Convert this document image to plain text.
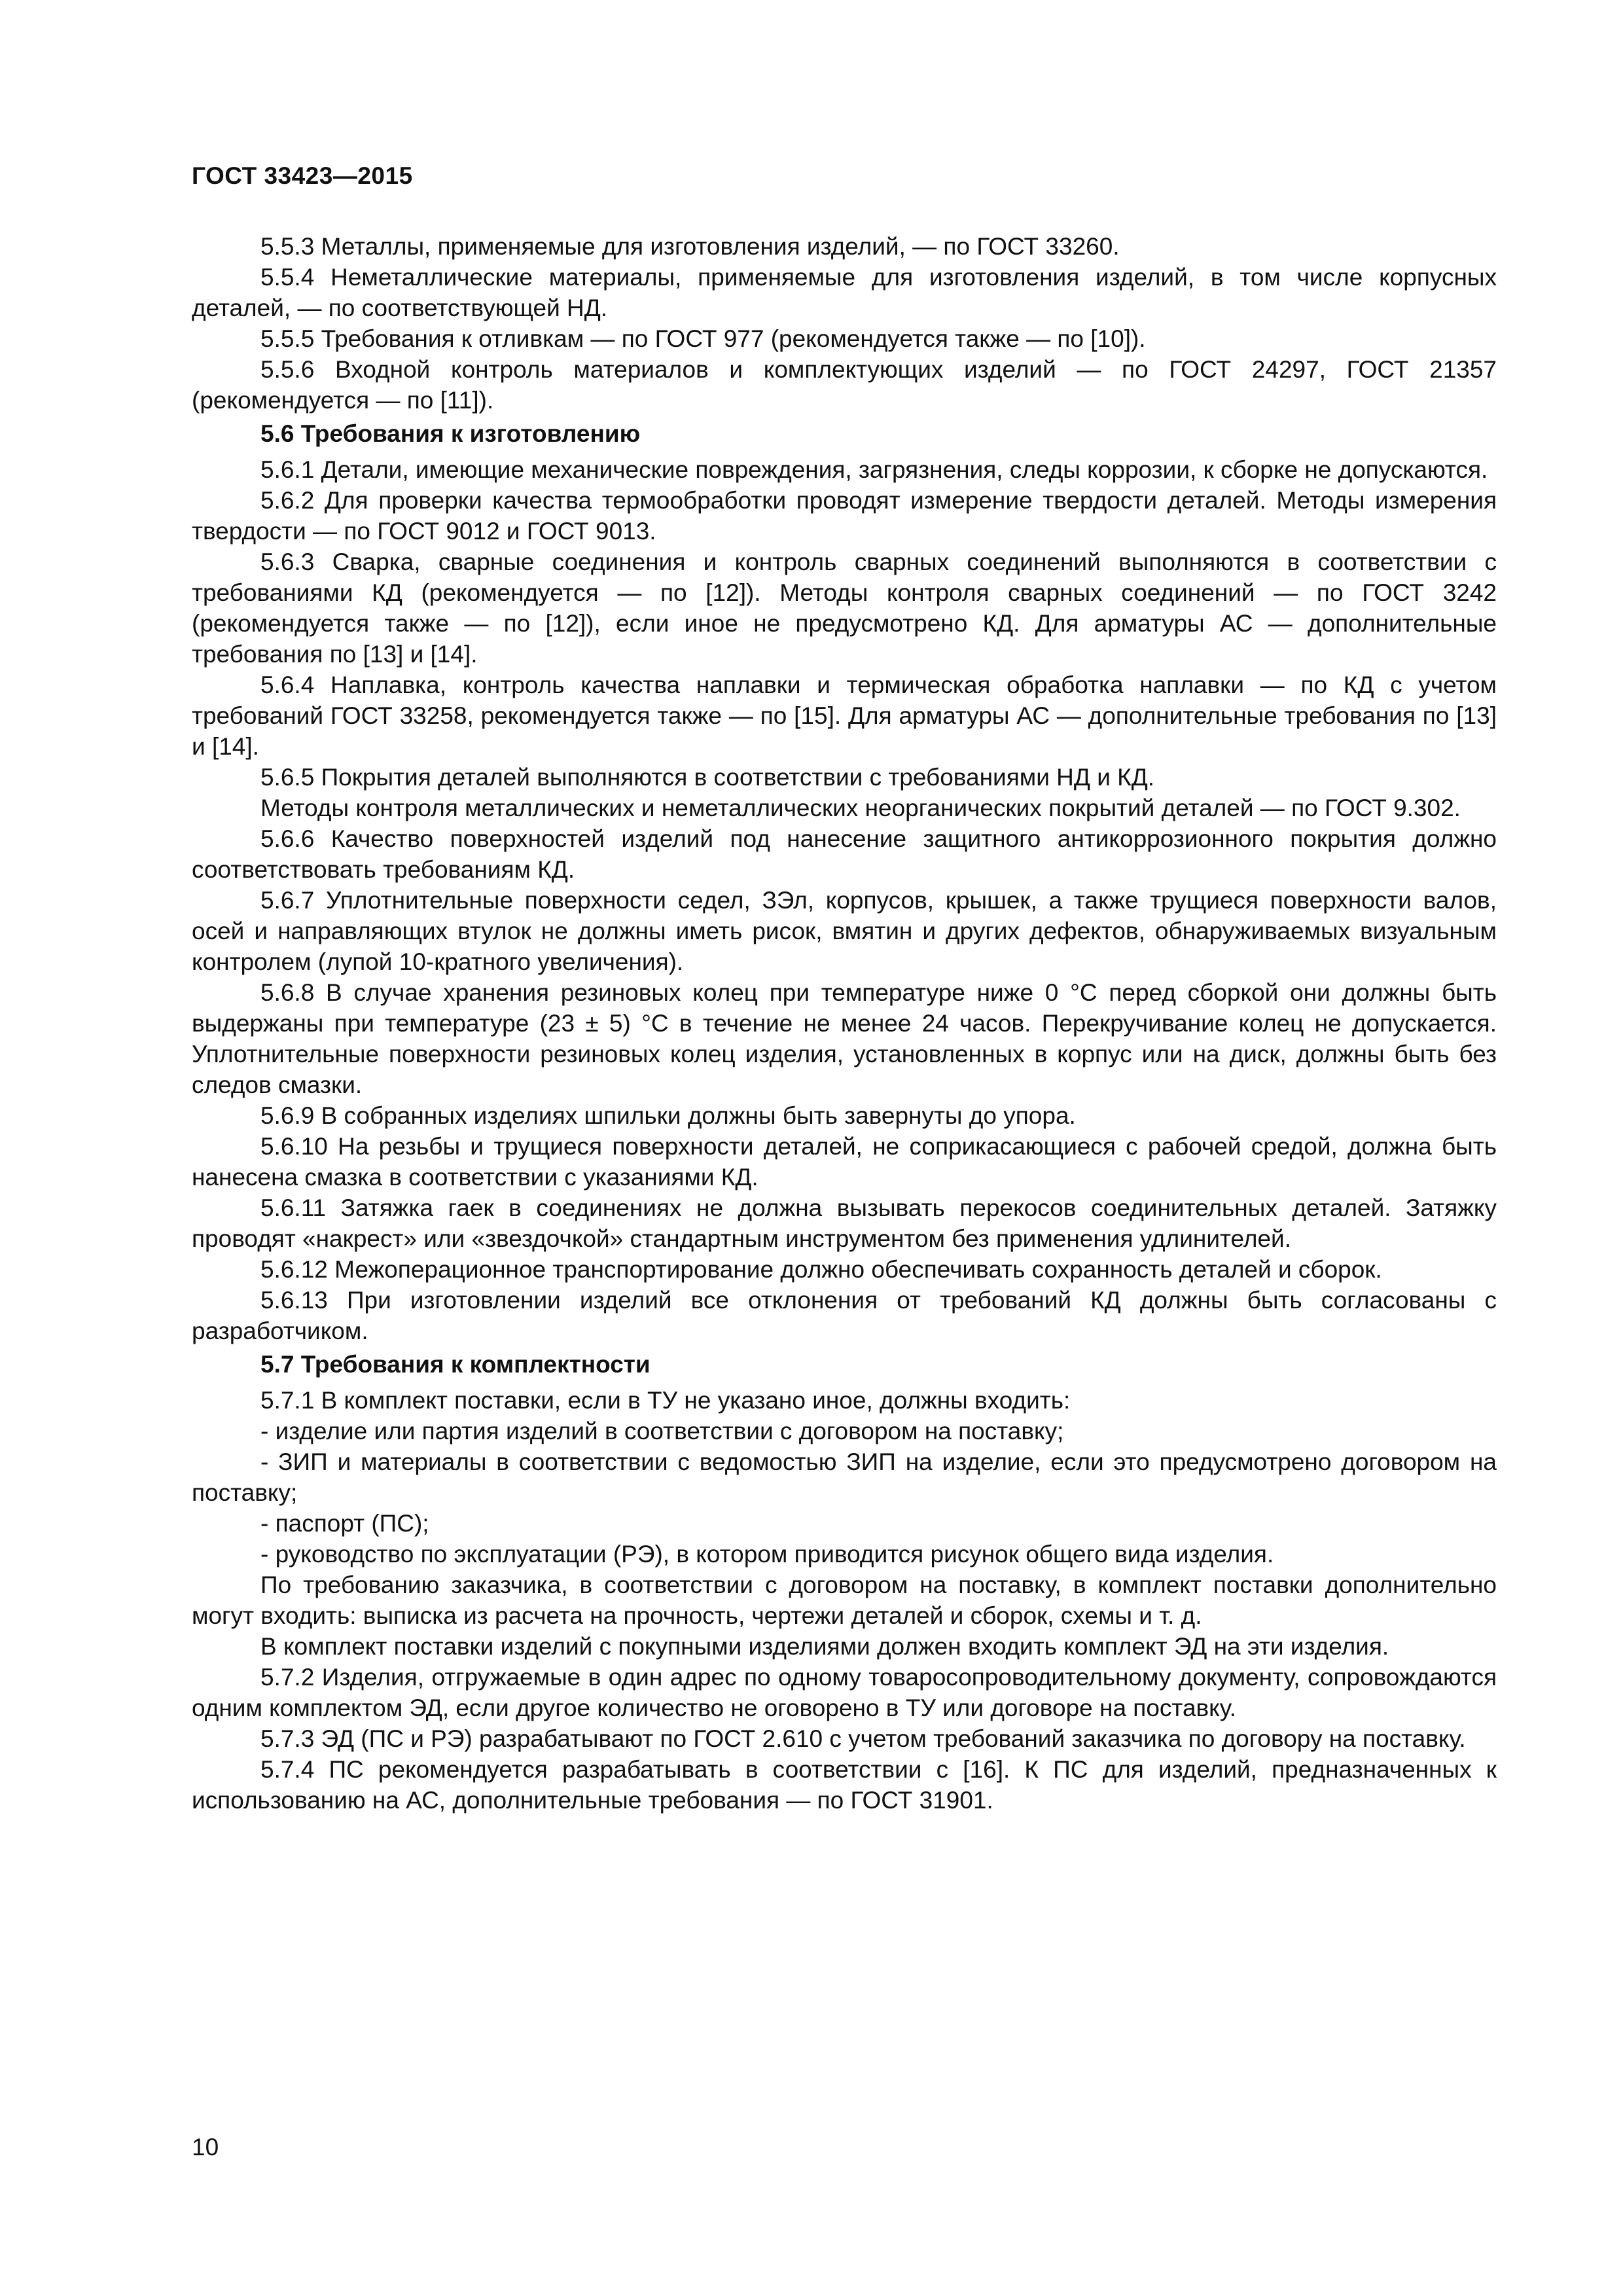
ГОСТ 33423—2015

5.5.3 Металлы, применяемые для изготовления изделий, — по ГОСТ 33260.

5.5.4 Неметаллические материалы, применяемые для изготовления изделий, в том числе корпусных деталей, — по соответствующей НД.

5.5.5 Требования к отливкам — по ГОСТ 977 (рекомендуется также — по [10]).

5.5.6 Входной контроль материалов и комплектующих изделий — по ГОСТ 24297, ГОСТ 21357 (рекомендуется — по [11]).

5.6 Требования к изготовлению

5.6.1 Детали, имеющие механические повреждения, загрязнения, следы коррозии, к сборке не допускаются.

5.6.2 Для проверки качества термообработки проводят измерение твердости деталей. Методы измерения твердости — по ГОСТ 9012 и ГОСТ 9013.

5.6.3 Сварка, сварные соединения и контроль сварных соединений выполняются в соответствии с требованиями КД (рекомендуется — по [12]). Методы контроля сварных соединений — по ГОСТ 3242 (рекомендуется также — по [12]), если иное не предусмотрено КД. Для арматуры АС — дополнительные требования по [13] и [14].

5.6.4 Наплавка, контроль качества наплавки и термическая обработка наплавки — по КД с учетом требований ГОСТ 33258, рекомендуется также — по [15]. Для арматуры АС — дополнительные требования по [13] и [14].

5.6.5 Покрытия деталей выполняются в соответствии с требованиями НД и КД.

Методы контроля металлических и неметаллических неорганических покрытий деталей — по ГОСТ 9.302.

5.6.6 Качество поверхностей изделий под нанесение защитного антикоррозионного покрытия должно соответствовать требованиям КД.

5.6.7 Уплотнительные поверхности седел, ЗЭл, корпусов, крышек, а также трущиеся поверхности валов, осей и направляющих втулок не должны иметь рисок, вмятин и других дефектов, обнаруживаемых визуальным контролем (лупой 10-кратного увеличения).

5.6.8 В случае хранения резиновых колец при температуре ниже 0 °С перед сборкой они должны быть выдержаны при температуре (23 ± 5) °С в течение не менее 24 часов. Перекручивание колец не допускается. Уплотнительные поверхности резиновых колец изделия, установленных в корпус или на диск, должны быть без следов смазки.

5.6.9 В собранных изделиях шпильки должны быть завернуты до упора.

5.6.10 На резьбы и трущиеся поверхности деталей, не соприкасающиеся с рабочей средой, должна быть нанесена смазка в соответствии с указаниями КД.

5.6.11 Затяжка гаек в соединениях не должна вызывать перекосов соединительных деталей. Затяжку проводят «накрест» или «звездочкой» стандартным инструментом без применения удлинителей.

5.6.12 Межоперационное транспортирование должно обеспечивать сохранность деталей и сборок.

5.6.13 При изготовлении изделий все отклонения от требований КД должны быть согласованы с разработчиком.

5.7 Требования к комплектности

5.7.1 В комплект поставки, если в ТУ не указано иное, должны входить:

- изделие или партия изделий в соответствии с договором на поставку;

- ЗИП и материалы в соответствии с ведомостью ЗИП на изделие, если это предусмотрено договором на поставку;

- паспорт (ПС);

- руководство по эксплуатации (РЭ), в котором приводится рисунок общего вида изделия.

По требованию заказчика, в соответствии с договором на поставку, в комплект поставки дополнительно могут входить: выписка из расчета на прочность, чертежи деталей и сборок, схемы и т. д.

В комплект поставки изделий с покупными изделиями должен входить комплект ЭД на эти изделия.

5.7.2 Изделия, отгружаемые в один адрес по одному товаросопроводительному документу, сопровождаются одним комплектом ЭД, если другое количество не оговорено в ТУ или договоре на поставку.

5.7.3 ЭД (ПС и РЭ) разрабатывают по ГОСТ 2.610 с учетом требований заказчика по договору на поставку.

5.7.4 ПС рекомендуется разрабатывать в соответствии с [16]. К ПС для изделий, предназначенных к использованию на АС, дополнительные требования — по ГОСТ 31901.

10
